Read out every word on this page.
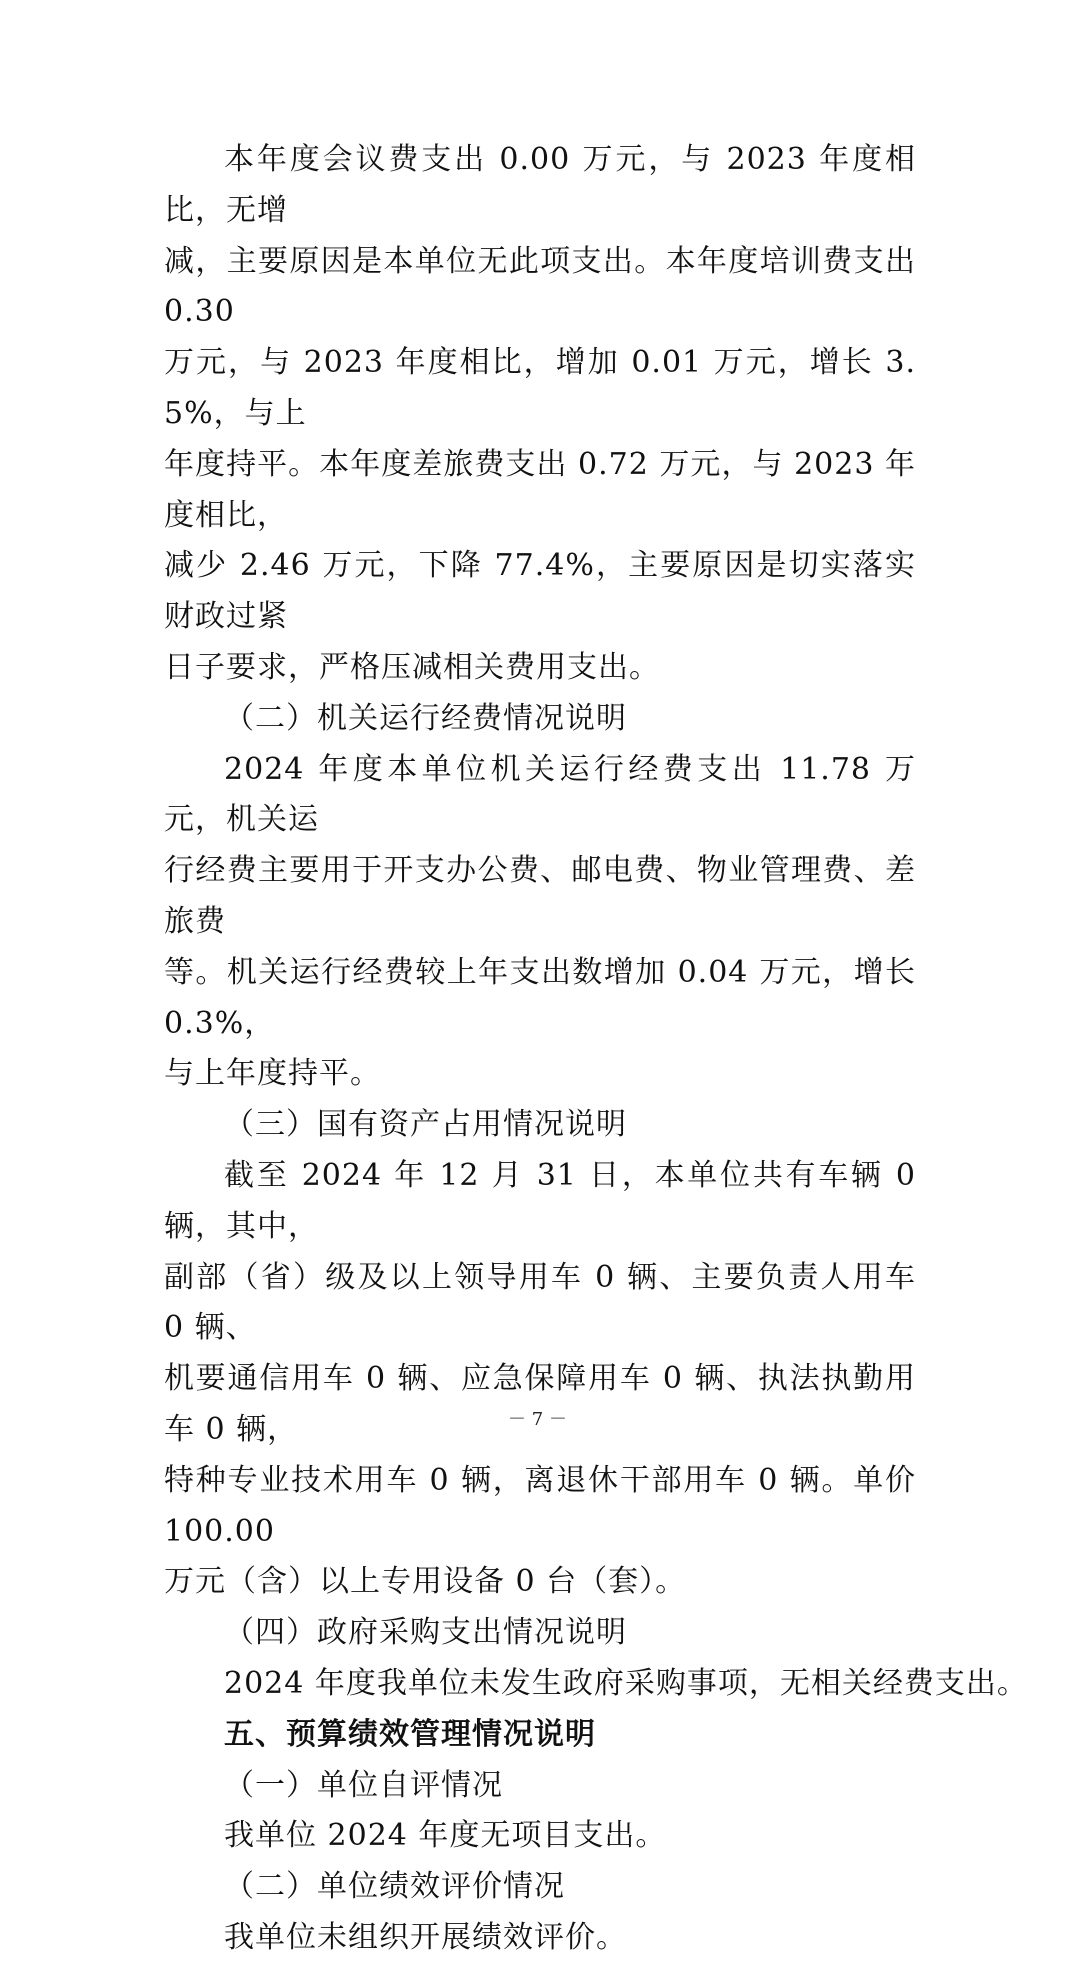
本年度会议费支出 0.00 万元，与 2023 年度相比，无增
减，主要原因是本单位无此项支出。本年度培训费支出 0.30
万元，与 2023 年度相比，增加 0.01 万元，增长 3.5%，与上
年度持平。本年度差旅费支出 0.72 万元，与 2023 年度相比，
减少 2.46 万元，下降 77.4%，主要原因是切实落实财政过紧
日子要求，严格压减相关费用支出。

（二）机关运行经费情况说明

2024 年度本单位机关运行经费支出 11.78 万元，机关运
行经费主要用于开支办公费、邮电费、物业管理费、差旅费
等。机关运行经费较上年支出数增加 0.04 万元，增长 0.3%，
与上年度持平。

（三）国有资产占用情况说明

截至 2024 年 12 月 31 日，本单位共有车辆 0 辆，其中，
副部（省）级及以上领导用车 0 辆、主要负责人用车 0 辆、
机要通信用车 0 辆、应急保障用车 0 辆、执法执勤用车 0 辆，
特种专业技术用车 0 辆，离退休干部用车 0 辆。单价 100.00
万元（含）以上专用设备 0 台（套）。

（四）政府采购支出情况说明

2024 年度我单位未发生政府采购事项，无相关经费支出。

五、预算绩效管理情况说明

（一）单位自评情况

我单位 2024 年度无项目支出。

（二）单位绩效评价情况

我单位未组织开展绩效评价。

－ 7 －
